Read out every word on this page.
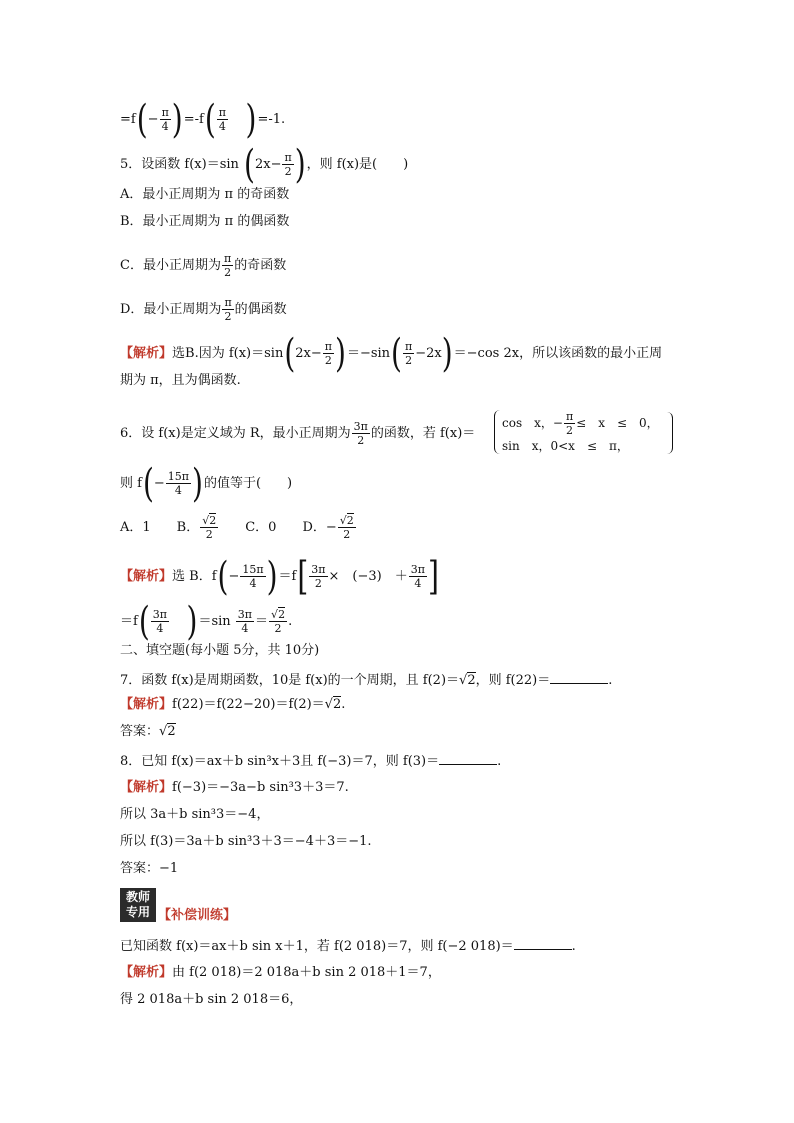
$=f(- \frac{\pi}{4} )=-f( \frac{\pi}{4} )=-1$.
5．设函数 f(x)＝sin ($2x- \frac{\pi}{2}$ )，则 f(x)是(　　)
A．最小正周期为 π 的奇函数
B．最小正周期为 π 的偶函数
C．最小正周期为 $\frac{\pi}{2}$ 的奇函数
D．最小正周期为 $\frac{\pi}{2}$ 的偶函数
【解析】选B.因为 $f(x)=\sin(2x- \frac{\pi}{2} )=-\sin( \frac{\pi}{2} -2x)=-\cos$ 2x，所以该函数的最小正周
期为 π，且为偶函数.
6．设 f(x)是定义域为 R，最小正周期为 $\frac{3\pi}{2}$ 的函数，若 f(x)＝
cos　x，− $\frac{\pi}{2}$ ≤　x　≤　0，
sin　x，0<x　≤　π，
则 $f(- \frac{15\pi}{4}$ )的值等于(　　)
A．1　　B． $\frac{√2}{2}$ 　　C．0　　D．− $\frac{√2}{2}$
【解析】选 B．$f(- \frac{15\pi}{4} )=f[ \frac{3\pi}{2}$ ×　(−3)　＋ $\frac{3\pi}{4}$ ]
$=f( \frac{3\pi}{4} )=\sin \frac{3\pi}{4} = \frac{√2}{2}$ .
二、填空题(每小题 5分，共 10分)
7．函数 f(x)是周期函数，10是 f(x)的一个周期，且 f(2)＝√2，则 f(22)＝	.
【解析】f(22)＝f(22−20)＝f(2)＝√2.
答案：√2
8．已知 f(x)＝ax＋b sin³x＋3且 f(−3)＝7，则 f(3)＝	.
【解析】f(−3)＝−3a−b sin³3＋3＝7.
所以 3a＋b sin³3＝−4，
所以 f(3)＝3a＋b sin³3＋3＝−4＋3＝−1.
答案：−1
教师
专用 【补偿训练】
已知函数 f(x)＝ax＋b sin x＋1，若 f(2 018)＝7，则 f(−2 018)＝	.
【解析】由 f(2 018)＝2 018a＋b sin 2 018＋1＝7，
得 2 018a＋b sin 2 018＝6，
